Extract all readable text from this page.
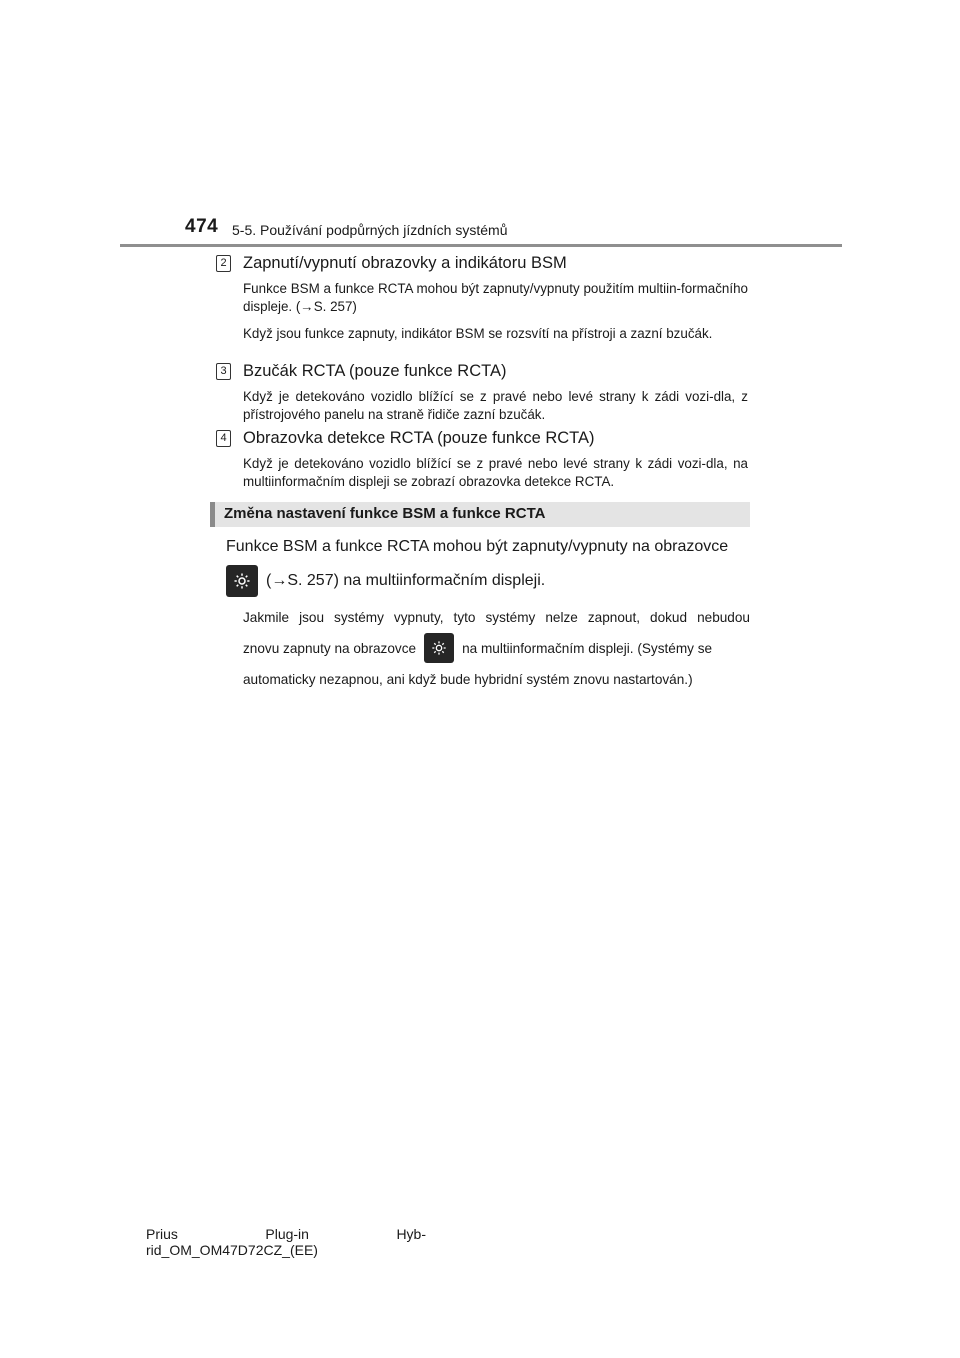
474 5-5. Používání podpůrných jízdních systémů
2 Zapnutí/vypnutí obrazovky a indikátoru BSM

Funkce BSM a funkce RCTA mohou být zapnuty/vypnuty použitím multiin-formačního displeje. (→S. 257)

Když jsou funkce zapnuty, indikátor BSM se rozsvítí na přístroji a zazní bzučák.

3 Bzučák RCTA (pouze funkce RCTA)

Když je detekováno vozidlo blížící se z pravé nebo levé strany k zádi vozi-dla, z přístrojového panelu na straně řidiče zazní bzučák.

4 Obrazovka detekce RCTA (pouze funkce RCTA)

Když je detekováno vozidlo blížící se z pravé nebo levé strany k zádi vozi-dla, na multiinformačním displeji se zobrazí obrazovka detekce RCTA.

Změna nastavení funkce BSM a funkce RCTA
Funkce BSM a funkce RCTA mohou být zapnuty/vypnuty na obrazovce
(→S. 257) na multiinformačním displeji.
Jakmile jsou systémy vypnuty, tyto systémy nelze zapnout, dokud nebudou
znovu zapnuty na obrazovce	na multiinformačním displeji. (Systémy se
automaticky nezapnou, ani když bude hybridní systém znovu nastartován.)
Prius	Plug-in	Hyb-
rid_OM_OM47D72CZ_(EE)
